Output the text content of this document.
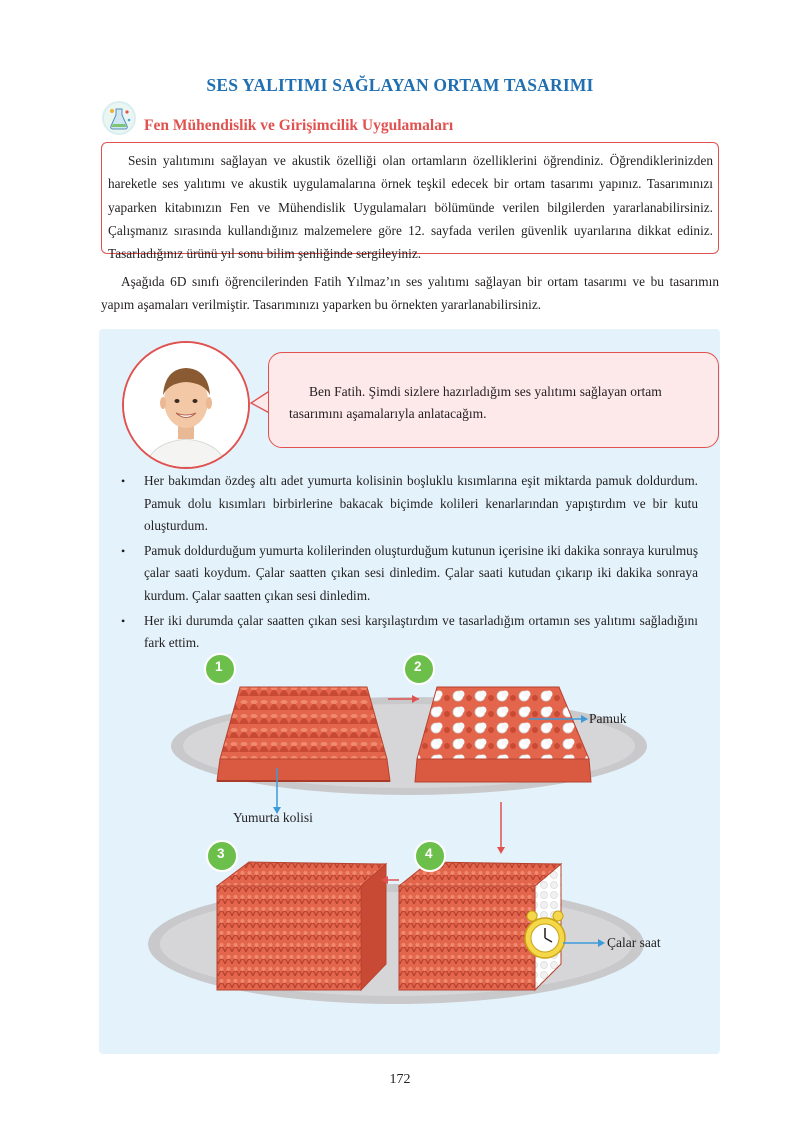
SES YALITIMI SAĞLAYAN ORTAM TASARIMI
Fen Mühendislik ve Girişimcilik Uygulamaları

Sesin yalıtımını sağlayan ve akustik özelliği olan ortamların özelliklerini öğrendiniz. Öğrendiklerinizden hareketle ses yalıtımı ve akustik uygulamalarına örnek teşkil edecek bir ortam tasarımı yapınız. Tasarımınızı yaparken kitabınızın Fen ve Mühendislik Uygulamaları bölümünde verilen bilgilerden yararlanabilirsiniz. Çalışmanız sırasında kullandığınız malzemelere göre 12. sayfada verilen güvenlik uyarılarına dikkat ediniz. Tasarladığınız ürünü yıl sonu bilim şenliğinde sergileyiniz.

Aşağıda 6D sınıfı öğrencilerinden Fatih Yılmaz’ın ses yalıtımı sağlayan bir ortam tasarımı ve bu tasarımın yapım aşamaları verilmiştir. Tasarımınızı yaparken bu örnekten yararlanabilirsiniz.

Ben Fatih. Şimdi sizlere hazırladığım ses yalıtımı sağlayan ortam tasarımını aşamalarıyla anlatacağım.

• Her bakımdan özdeş altı adet yumurta kolisinin boşluklu kısımlarına eşit miktarda pamuk doldurdum. Pamuk dolu kısımları birbirlerine bakacak biçimde kolileri kenarlarından yapıştırdım ve bir kutu oluşturdum.
• Pamuk doldurduğum yumurta kolilerinden oluşturduğum kutunun içerisine iki dakika sonraya kurulmuş çalar saati koydum. Çalar saatten çıkan sesi dinledim. Çalar saati kutudan çıkarıp iki dakika sonraya kurdum. Çalar saatten çıkan sesi dinledim.
• Her iki durumda çalar saatten çıkan sesi karşılaştırdım ve tasarladığım ortamın ses yalıtımı sağladığını fark ettim.
1	2
3	4
Pamuk
Yumurta kolisi
Çalar saat
172
